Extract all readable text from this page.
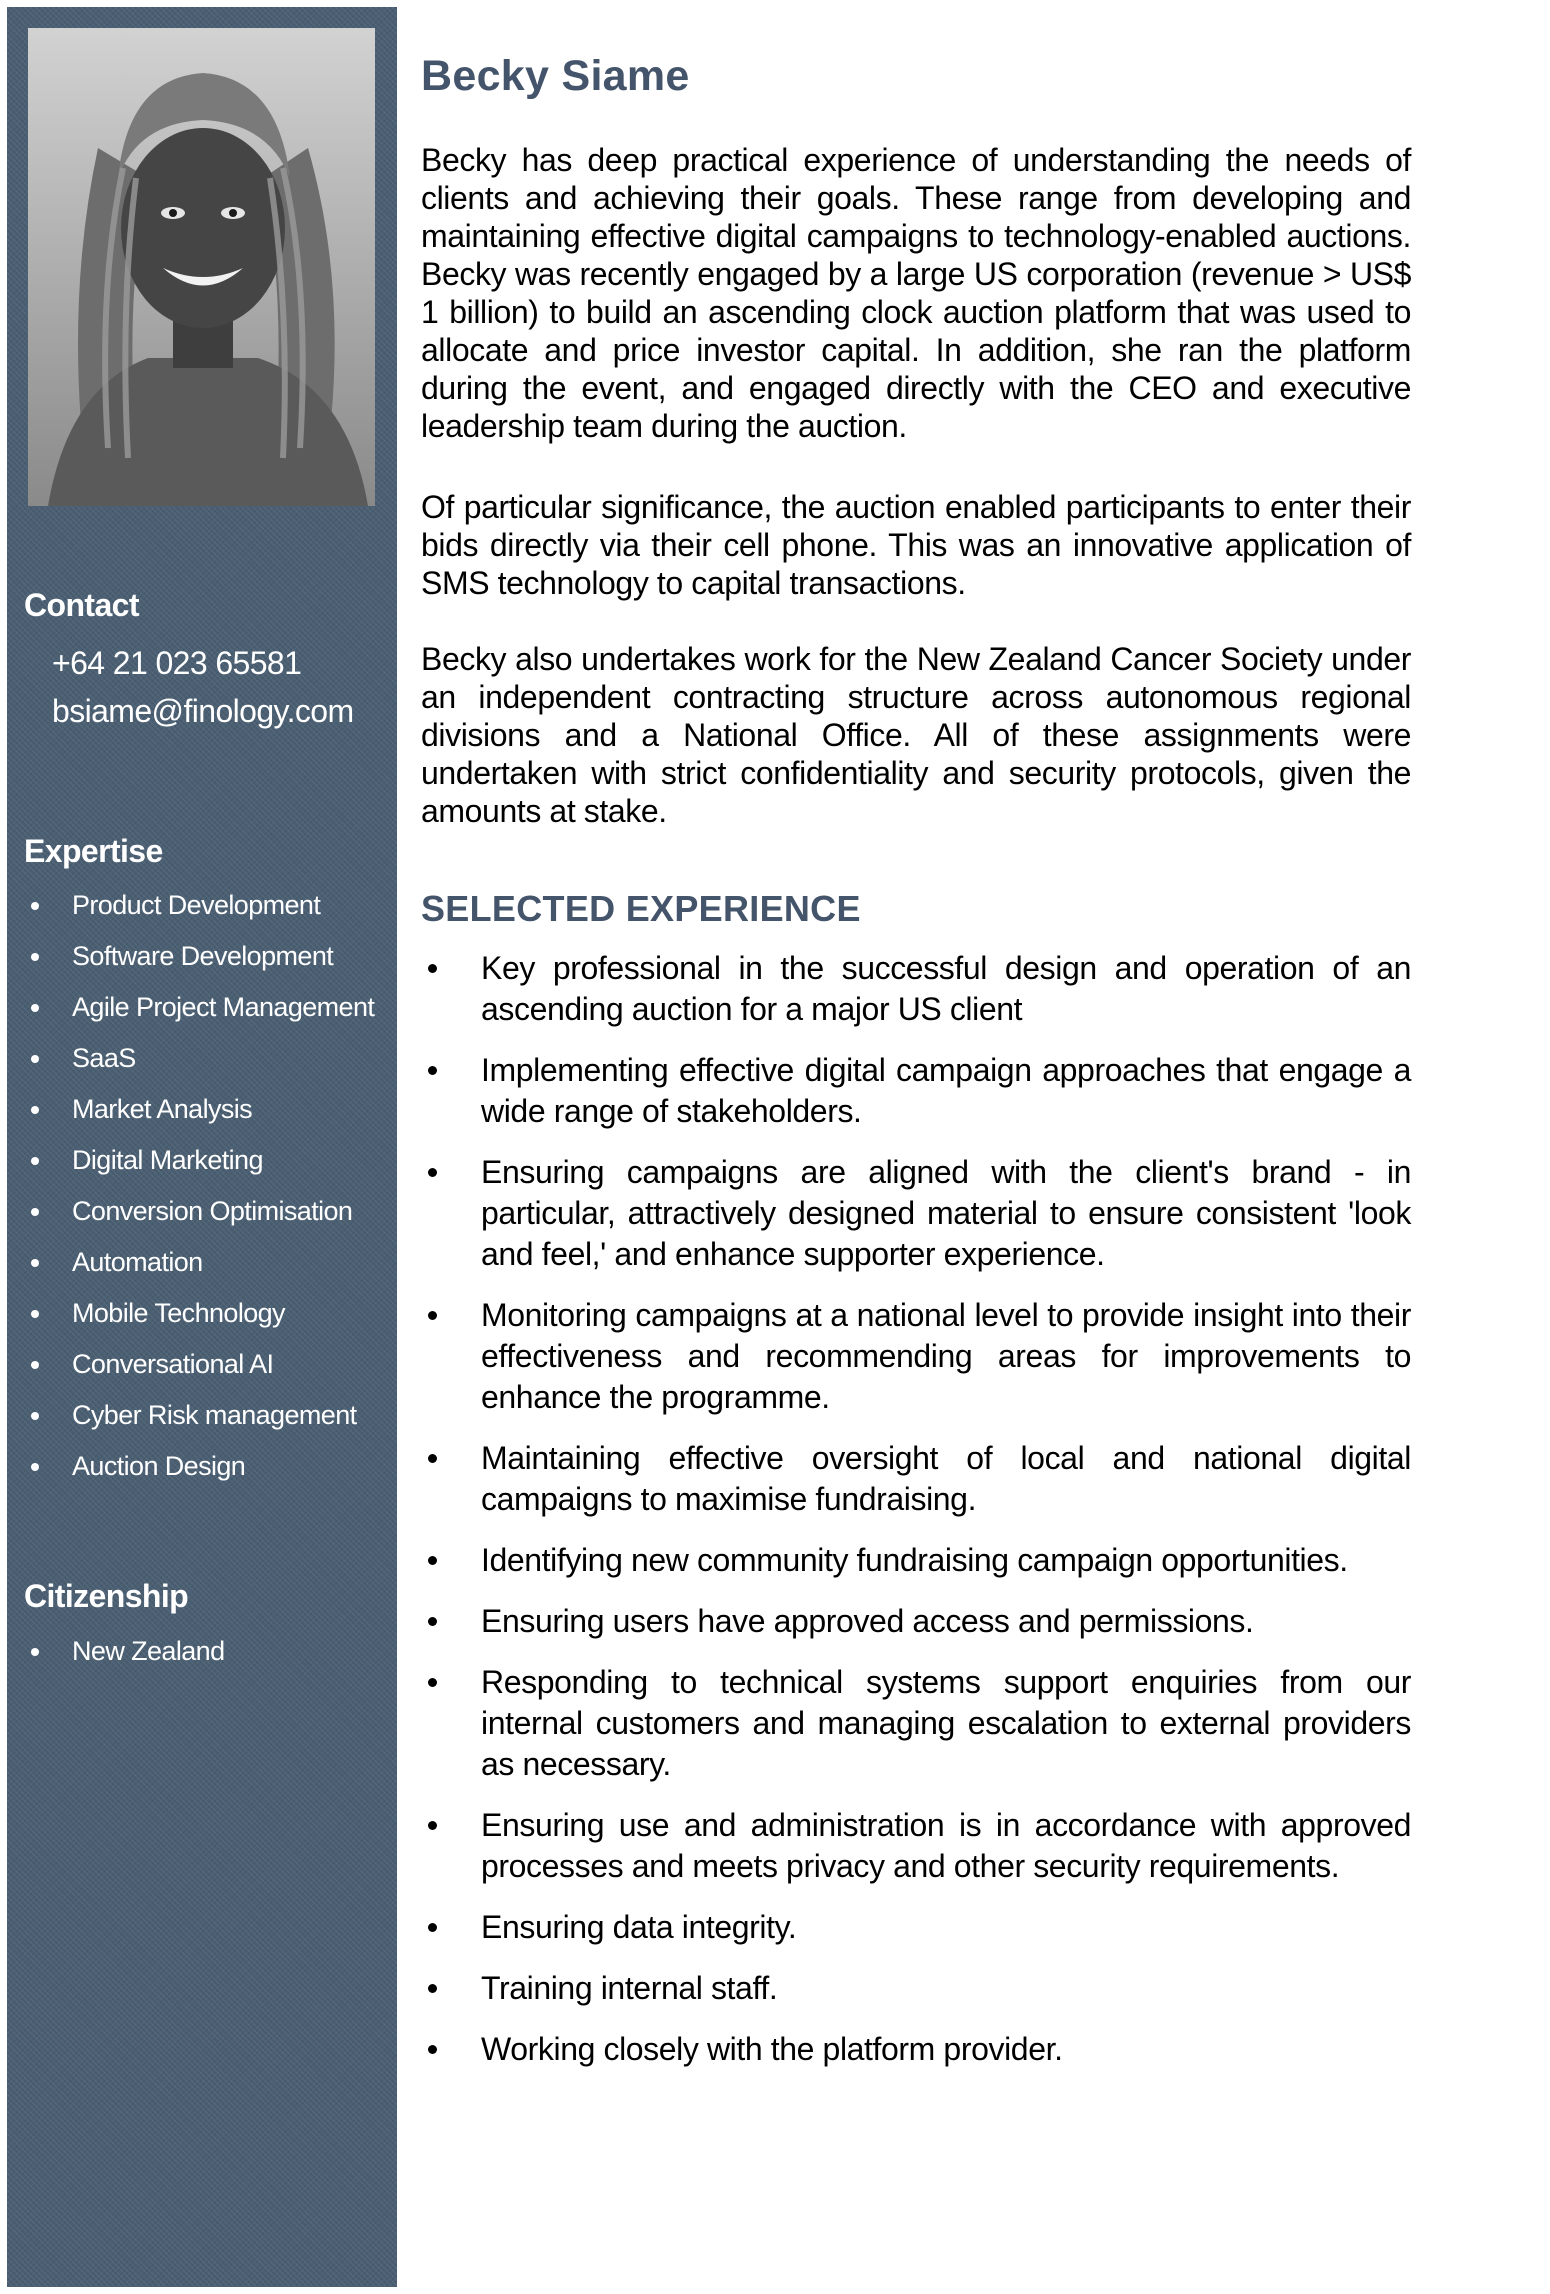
Contact

+64 21 023 65581

bsiame@finology.com

Expertise
Product Development
Software Development
Agile Project Management
SaaS
Market Analysis
Digital Marketing
Conversion Optimisation
Automation
Mobile Technology
Conversational AI
Cyber Risk management
Auction Design
Citizenship
New Zealand
Becky Siame

Becky has deep practical experience of understanding the needs of clients and achieving their goals. These range from developing and maintaining effective digital campaigns to technology-enabled auctions. Becky was recently engaged by a large US corporation (revenue > US$ 1 billion) to build an ascending clock auction platform that was used to allocate and price investor capital. In addition, she ran the platform during the event, and engaged directly with the CEO and executive leadership team during the auction.

Of particular significance, the auction enabled participants to enter their bids directly via their cell phone. This was an innovative application of SMS technology to capital transactions.

Becky also undertakes work for the New Zealand Cancer Society under an independent contracting structure across autonomous regional divisions and a National Office. All of these assignments were undertaken with strict confidentiality and security protocols, given the amounts at stake.

SELECTED EXPERIENCE
Key professional in the successful design and operation of an ascending auction for a major US client
Implementing effective digital campaign approaches that engage a wide range of stakeholders.
Ensuring campaigns are aligned with the client's brand - in particular, attractively designed material to ensure consistent 'look and feel,' and enhance supporter experience.
Monitoring campaigns at a national level to provide insight into their effectiveness and recommending areas for improvements to enhance the programme.
Maintaining effective oversight of local and national digital campaigns to maximise fundraising.
Identifying new community fundraising campaign opportunities.
Ensuring users have approved access and permissions.
Responding to technical systems support enquiries from our internal customers and managing escalation to external providers as necessary.
Ensuring use and administration is in accordance with approved processes and meets privacy and other security requirements.
Ensuring data integrity.
Training internal staff.
Working closely with the platform provider.
